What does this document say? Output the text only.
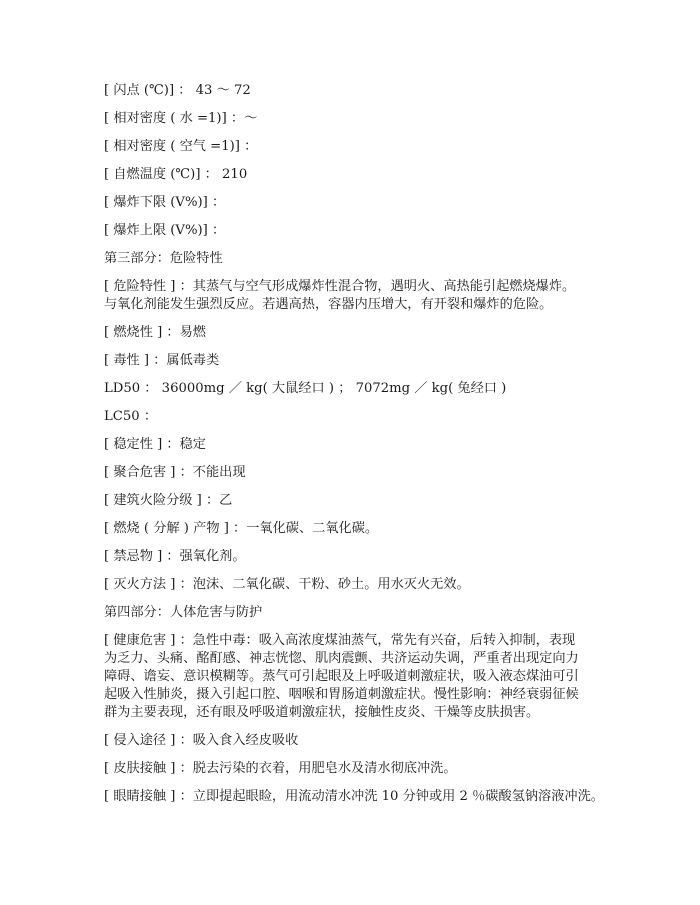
[ 闪点 (℃)] ： 43 ～ 72

[ 相对密度 ( 水 =1)] ：～

[ 相对密度 ( 空气 =1)] ：

[ 自燃温度 (℃)] ： 210

[ 爆炸下限 (V%)] ：

[ 爆炸上限 (V%)] ：

第三部分：危险特性

[ 危险特性 ] ：其蒸气与空气形成爆炸性混合物，遇明火、高热能引起燃烧爆炸。
与氧化剂能发生强烈反应。若遇高热，容器内压增大，有开裂和爆炸的危险。

[ 燃烧性 ] ：易燃

[ 毒性 ] ：属低毒类

LD50 ： 36000mg ／ kg( 大鼠经口 ) ； 7072mg ／ kg( 兔经口 )

LC50 ：

[ 稳定性 ] ：稳定

[ 聚合危害 ] ：不能出现

[ 建筑火险分级 ] ：乙

[ 燃烧 ( 分解 ) 产物 ] ：一氧化碳、二氧化碳。

[ 禁忌物 ] ：强氧化剂。

[ 灭火方法 ] ：泡沫、二氧化碳、干粉、砂土。用水灭火无效。

第四部分：人体危害与防护

[ 健康危害 ] ：急性中毒：吸入高浓度煤油蒸气，常先有兴奋，后转入抑制，表现
为乏力、头痛、酩酊感、神志恍惚、肌肉震颤、共济运动失调，严重者出现定向力
障碍、谵妄、意识模糊等。蒸气可引起眼及上呼吸道刺激症状，吸入液态煤油可引
起吸入性肺炎，摄入引起口腔、咽喉和胃肠道刺激症状。慢性影响：神经衰弱征候
群为主要表现，还有眼及呼吸道刺激症状，接触性皮炎、干燥等皮肤损害。

[ 侵入途径 ] ：吸入食入经皮吸收

[ 皮肤接触 ] ：脱去污染的衣着，用肥皂水及清水彻底冲洗。

[ 眼睛接触 ] ：立即提起眼睑，用流动清水冲洗 10 分钟或用 2 ％碳酸氢钠溶液冲洗。
